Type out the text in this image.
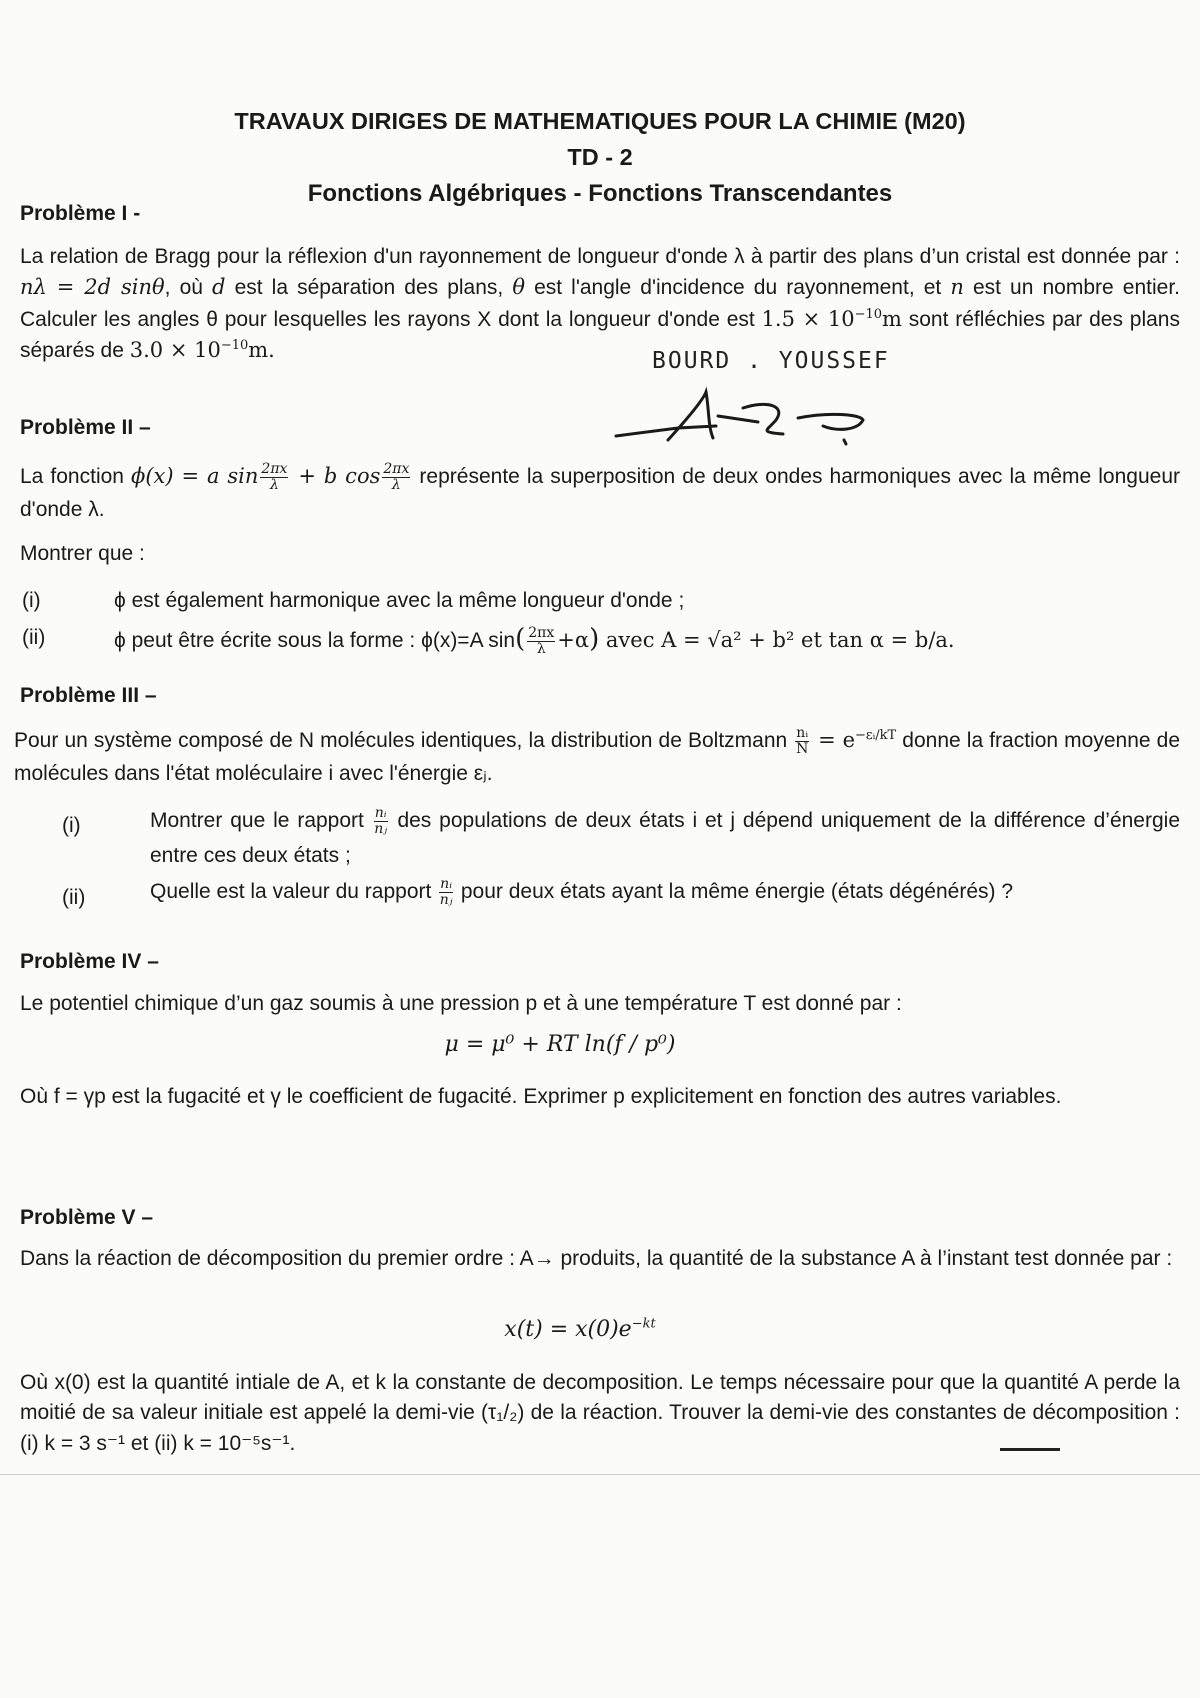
TRAVAUX DIRIGES DE MATHEMATIQUES POUR LA CHIMIE (M20)
TD - 2
Fonctions Algébriques - Fonctions Transcendantes
Problème I -
La relation de Bragg pour la réflexion d'un rayonnement de longueur d'onde λ à partir des plans d’un cristal est donnée par : nλ = 2d sinθ, où d est la séparation des plans, θ est l'angle d'incidence du rayonnement, et n est un nombre entier. Calculer les angles θ pour lesquelles les rayons X dont la longueur d'onde est $1.5 \times 10^{-10}m$ sont réfléchies par des plans séparés de $3.0 \times 10^{-10}m$.	BOURD . YOUSSEF
Problème II –
La fonction ϕ(x) = a $\sin \frac{2\pi x}{\lambda} + b$ $\cos \frac{2\pi x}{\lambda}$ représente la superposition de deux ondes harmoniques avec la même longueur d'onde λ.
Montrer que :
(i)	ϕ est également harmonique avec la même longueur d'onde ;
(ii)	ϕ peut être écrite sous la forme : ϕ(x)=A $\sin( \frac{2\pi x}{\lambda} +\alpha)$ avec A = √a² + b² et tan α = b/a.
Problème III –
Pour un système composé de N molécules identiques, la distribution de Boltzmann $\frac{\text{nᵢ}}{N} = e^{-\varepsilon ᵢ/kT}$ donne la fraction moyenne de molécules dans l'état moléculaire i avec l'énergie εⱼ.
(i)	Montrer que le rapport $\frac{\text{nᵢ}}{\text{nⱼ}}$ des populations de deux états i et j dépend uniquement de la différence d’énergie entre ces deux états ;
(ii)	Quelle est la valeur du rapport $\frac{\text{nᵢ}}{\text{nⱼ}}$ pour deux états ayant la même énergie (états dégénérés) ?
Problème IV –
Le potentiel chimique d’un gaz soumis à une pression p et à une température T est donné par :
μ = μ⁰ + RT ln(f / p⁰)
Où f = γp est la fugacité et γ le coefficient de fugacité. Exprimer p explicitement en fonction des autres variables.
Problème V –
Dans la réaction de décomposition du premier ordre : A→ produits, la quantité de la substance A à l’instant test donnée par :
$x(t) = x(0)e^{-kt}$
Où x(0) est la quantité intiale de A, et k la constante de decomposition. Le temps nécessaire pour que la quantité A perde la moitié de sa valeur initiale est appelé la demi-vie (τ₁/₂) de la réaction. Trouver la demi-vie des constantes de décomposition : (i) k = 3 s⁻¹ et (ii) k = 10⁻⁵s⁻¹.
